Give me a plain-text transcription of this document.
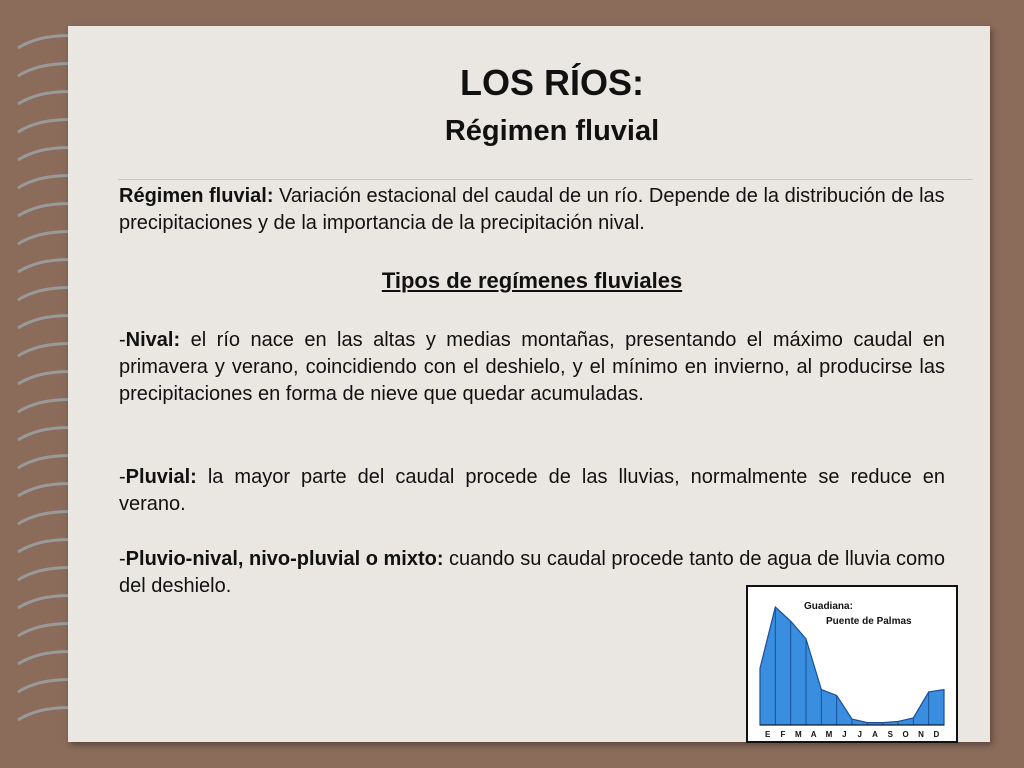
LOS RÍOS:
Régimen fluvial
Régimen fluvial: Variación estacional del caudal de un río. Depende de la distribución de las precipitaciones y de la importancia de la precipitación nival.
Tipos de regímenes fluviales
-Nival: el río nace en las altas y medias montañas, presentando el máximo caudal en primavera y verano, coincidiendo con el deshielo, y el mínimo en invierno, al producirse las precipitaciones en forma de nieve que quedar acumuladas.
-Pluvial: la mayor parte del caudal procede de las lluvias, normalmente se reduce en verano.
-Pluvio-nival, nivo-pluvial o mixto: cuando su caudal procede tanto de agua de lluvia como del deshielo.
Guadiana:
Puente de Palmas
E F M A M J J A S O N D
